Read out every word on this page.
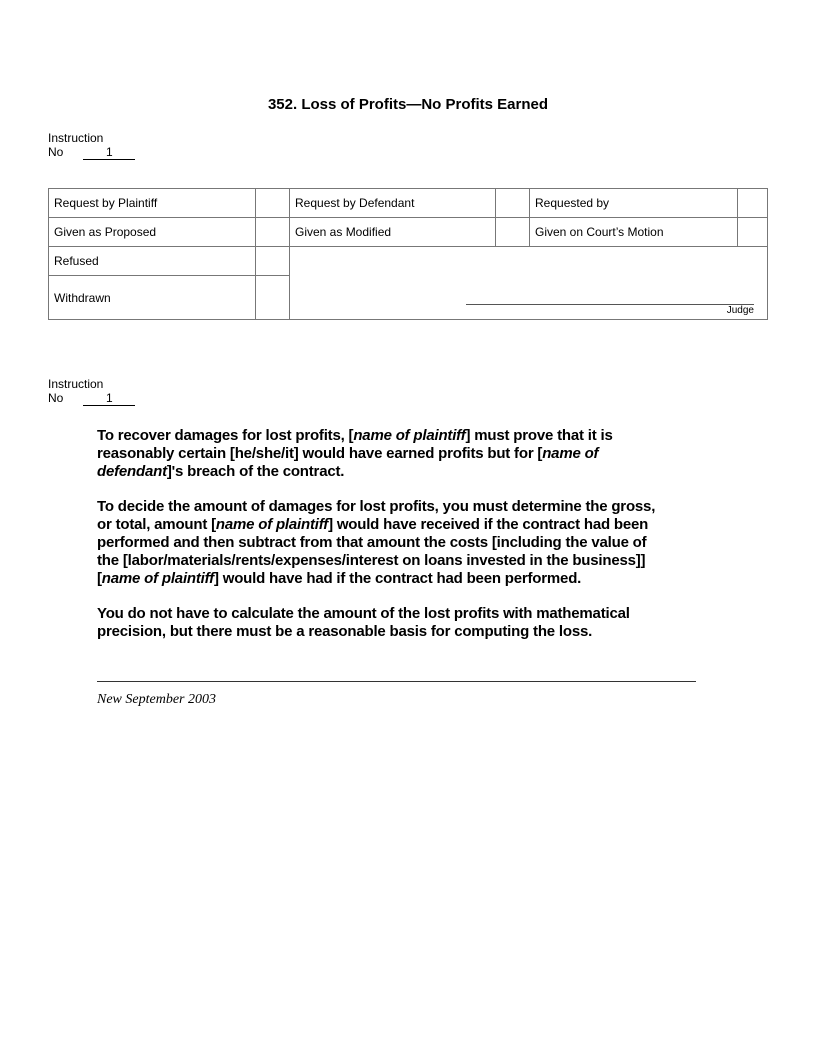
352. Loss of Profits—No Profits Earned
Instruction
No	1
Request by Plaintiff	Request by Defendant	Requested by
Given as Proposed	Given as Modified	Given on Court’s Motion
Refused
Withdrawn
Judge
Instruction
No	1
To recover damages for lost profits, [name of plaintiff] must prove that it is
reasonably certain [he/she/it] would have earned profits but for [name of
defendant]'s breach of the contract.
To decide the amount of damages for lost profits, you must determine the gross,
or total, amount [name of plaintiff] would have received if the contract had been
performed and then subtract from that amount the costs [including the value of
the [labor/materials/rents/expenses/interest on loans invested in the business]]
[name of plaintiff] would have had if the contract had been performed.
You do not have to calculate the amount of the lost profits with mathematical
precision, but there must be a reasonable basis for computing the loss.
New September 2003
